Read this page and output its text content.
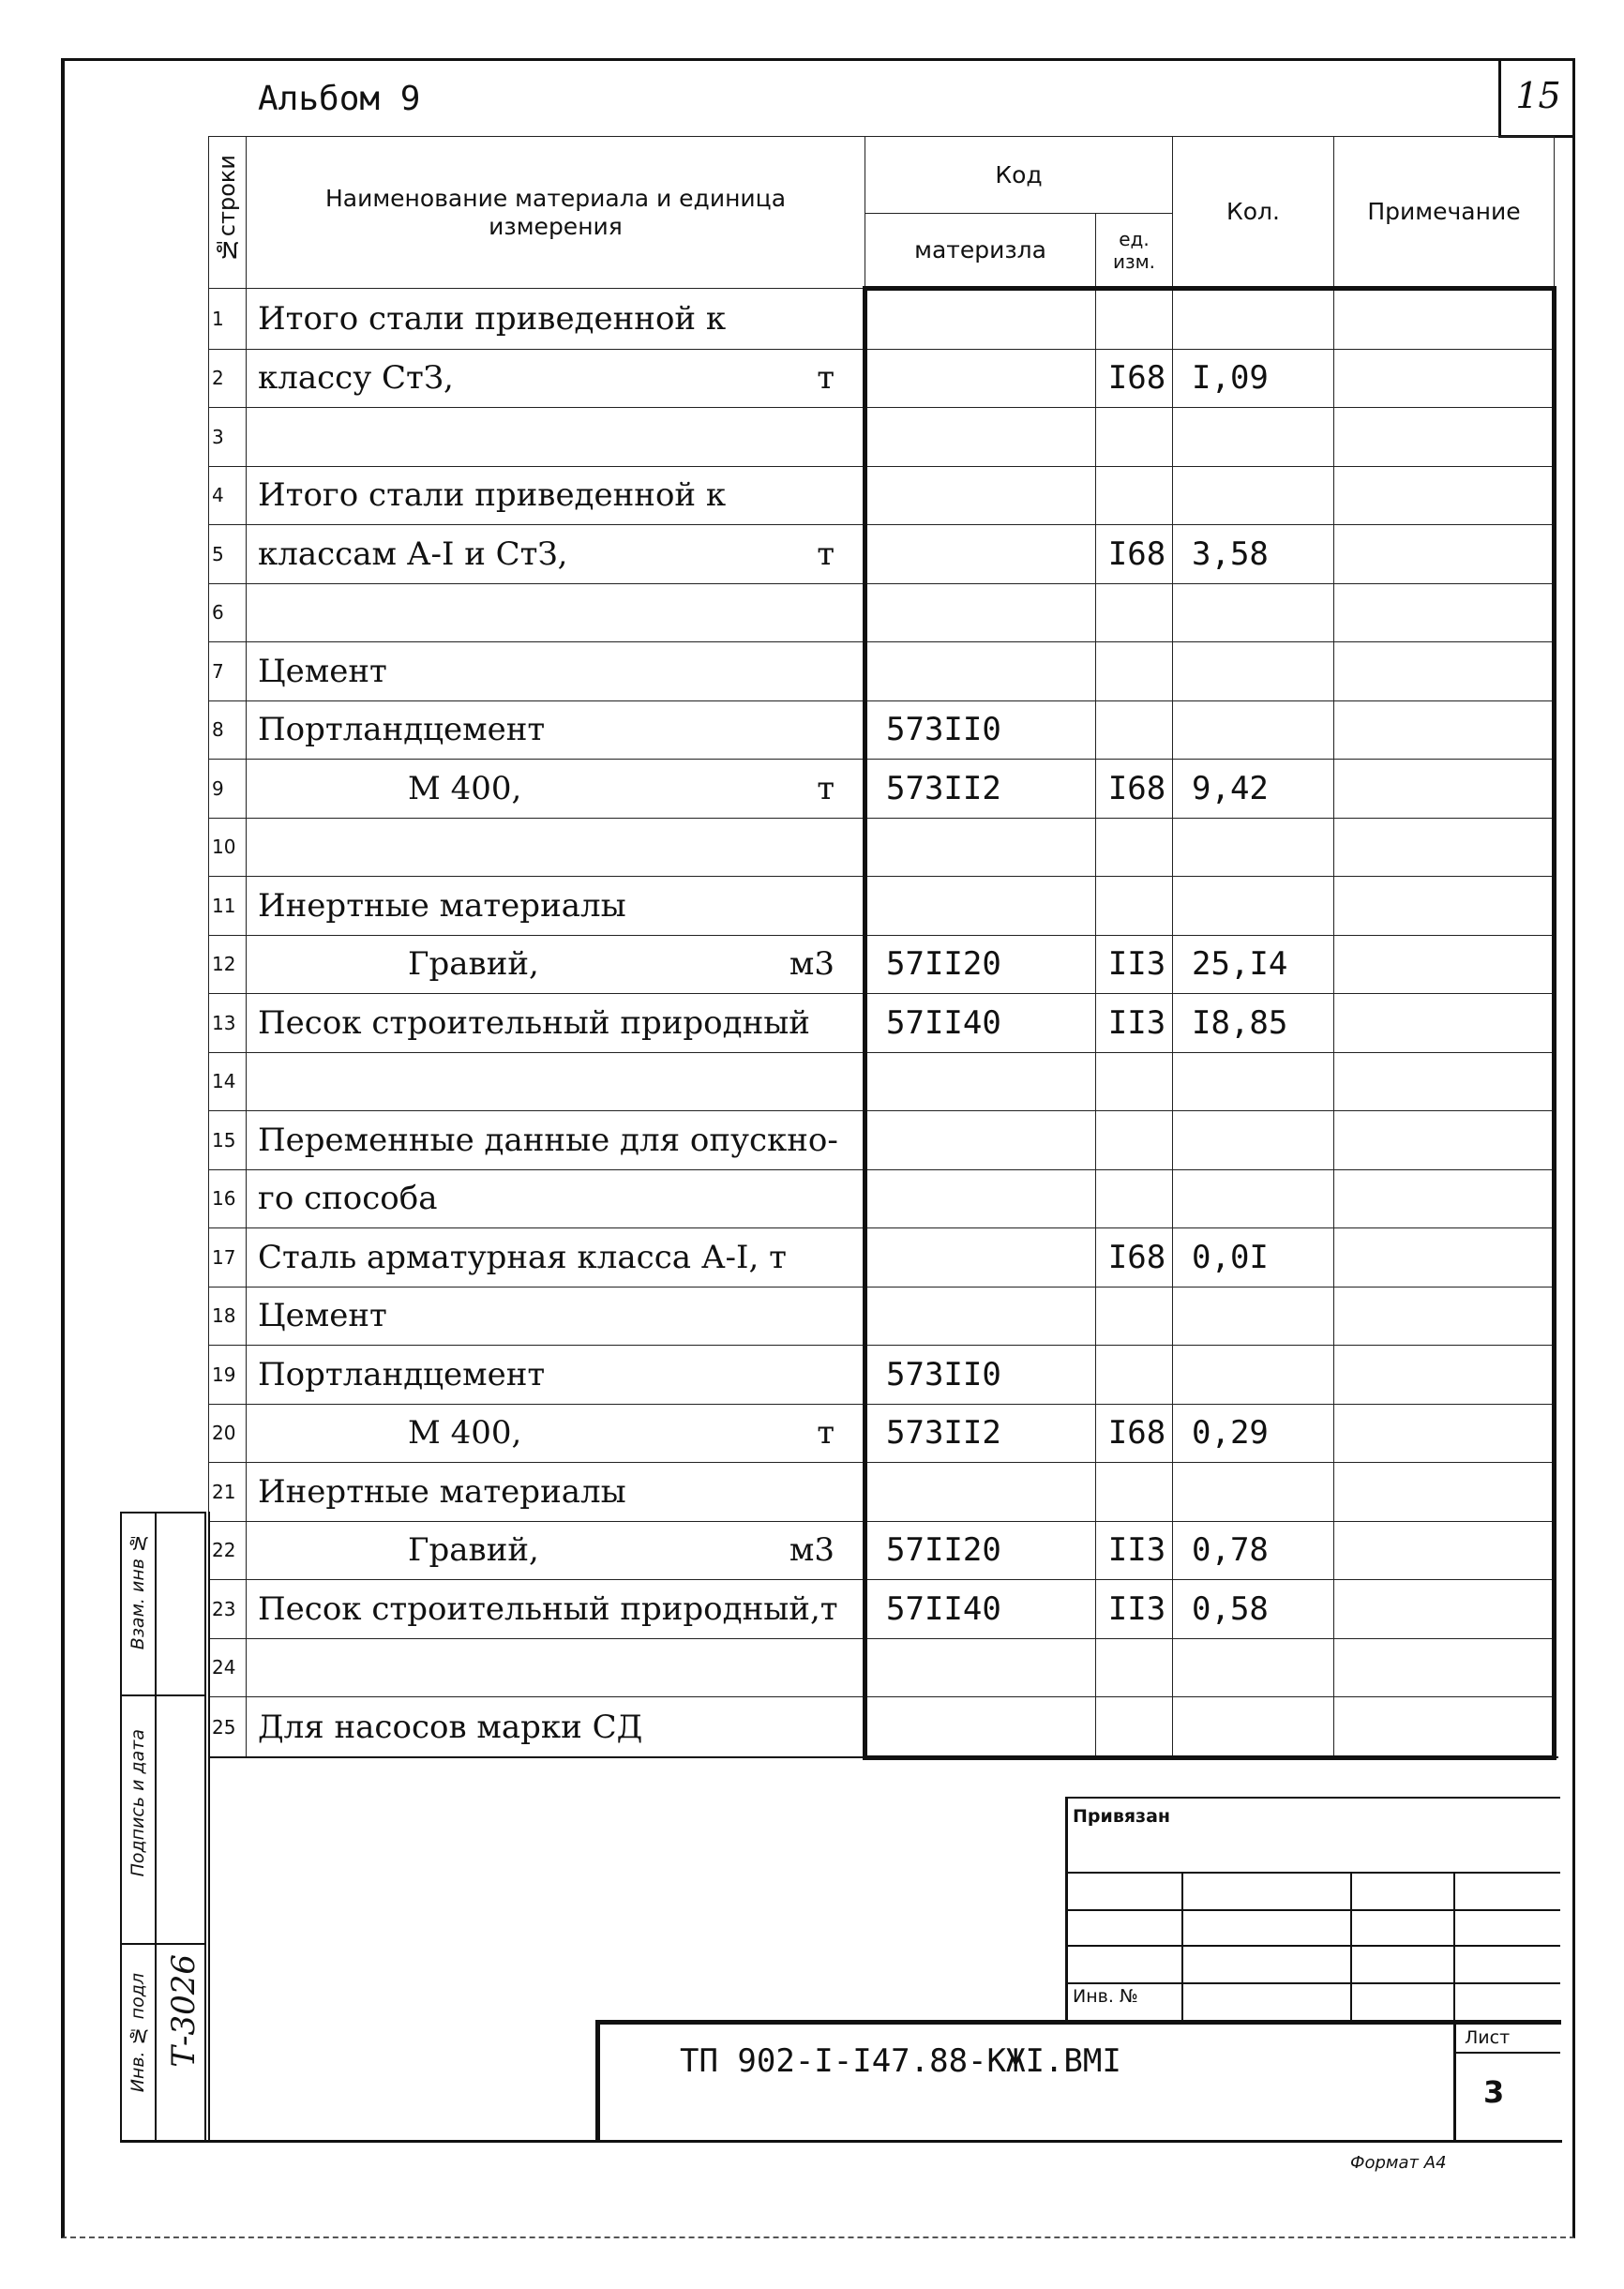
15
Альбом 9
№строки	Наименование материала и единица измерения	Код		Кол.	Примечание
		материзла	ед. изм.		
1	Итого стали приведенной к				
2	классу СтЗ, т		I68	I,09	
3					
4	Итого стали приведенной к				
5	классам А-I и СтЗ, т		I68	3,58	
6					
7	Цемент				
8	Портландцемент	573II0			
9	М 400, т	573II2	I68	9,42	
10					
11	Инертные материалы				
12	Гравий, м3	57II20	II3	25,I4	
13	Песок строительный природный	57II40	II3	I8,85	
14					
15	Переменные данные для опускно-				
16	го способа				
17	Сталь арматурная класса А-I, т		I68	0,0I	
18	Цемент				
19	Портландцемент	573II0			
20	М 400, т	573II2	I68	0,29	
21	Инертные материалы				
22	Гравий, м3	57II20	II3	0,78	
23	Песок строительный природный,т	57II40	II3	0,58	
24					
25	Для насосов марки СД				
Взам. инв №
Подпись и дата
Инв. № подл Т-3026
Привязан
Инв. №
ТП 902-I-I47.88-КЖI.ВМI
Лист
3
Формат А4
